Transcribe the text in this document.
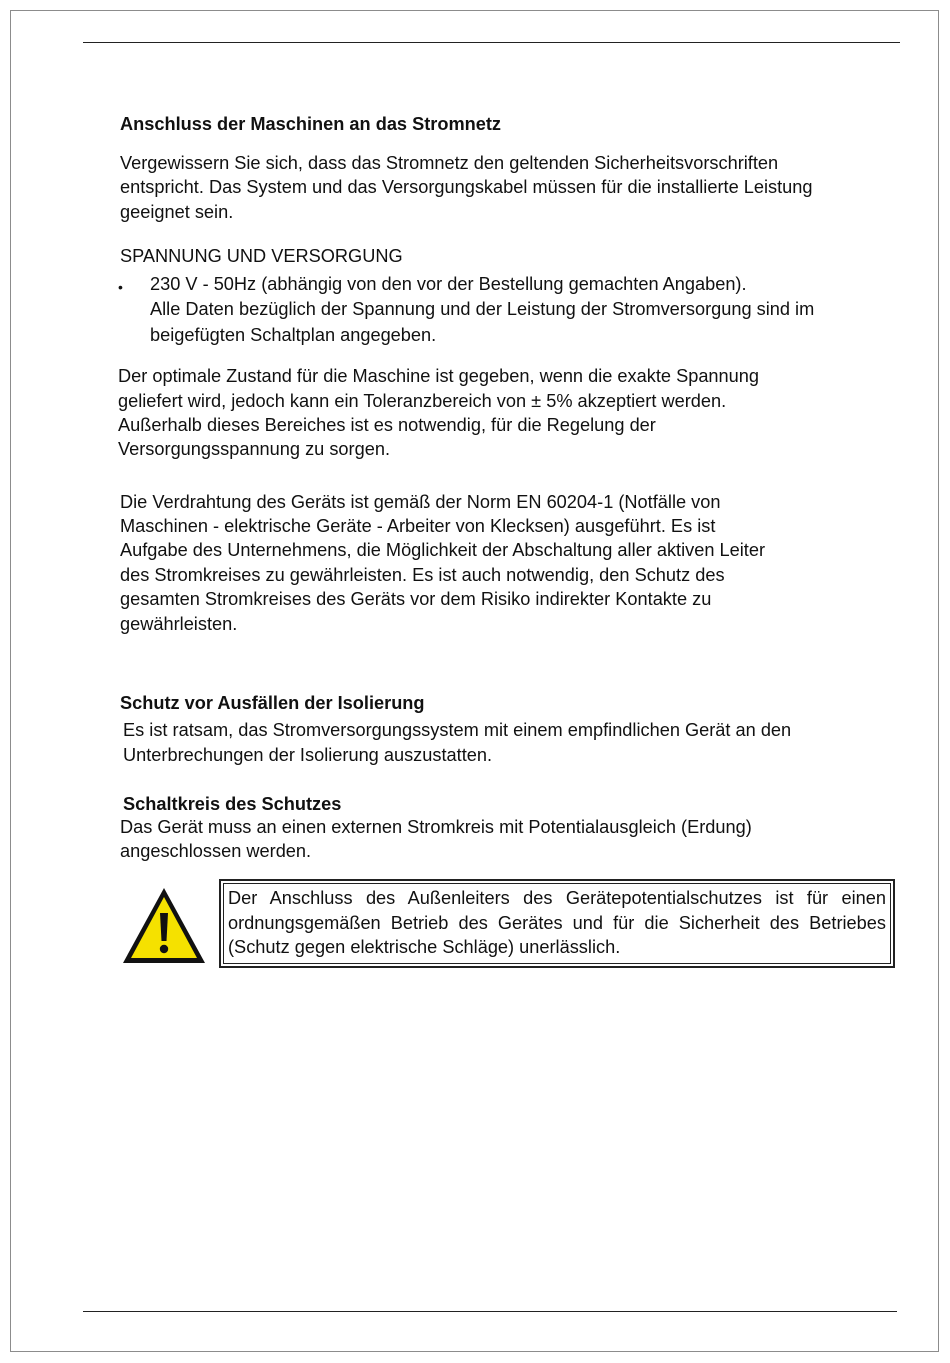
Anschluss der Maschinen an das Stromnetz

Vergewissern Sie sich, dass das Stromnetz den geltenden Sicherheitsvorschriften

entspricht. Das System und das Versorgungskabel müssen für die installierte Leistung

geeignet sein.

SPANNUNG UND VERSORGUNG

• 230 V - 50Hz (abhängig von den vor der Bestellung gemachten Angaben).

Alle Daten bezüglich der Spannung und der Leistung der Stromversorgung sind im

beigefügten Schaltplan angegeben.

Der optimale Zustand für die Maschine ist gegeben, wenn die exakte Spannung

geliefert wird, jedoch kann ein Toleranzbereich von ± 5% akzeptiert werden.

Außerhalb dieses Bereiches ist es notwendig, für die Regelung der

Versorgungsspannung zu sorgen.

Die Verdrahtung des Geräts ist gemäß der Norm EN 60204-1 (Notfälle von

Maschinen - elektrische Geräte - Arbeiter von Klecksen) ausgeführt. Es ist

Aufgabe des Unternehmens, die Möglichkeit der Abschaltung aller aktiven Leiter

des Stromkreises zu gewährleisten. Es ist auch notwendig, den Schutz des

gesamten Stromkreises des Geräts vor dem Risiko indirekter Kontakte zu

gewährleisten.

Schutz vor Ausfällen der Isolierung

Es ist ratsam, das Stromversorgungssystem mit einem empfindlichen Gerät an den

Unterbrechungen der Isolierung auszustatten.

Schaltkreis des Schutzes

Das Gerät muss an einen externen Stromkreis mit Potentialausgleich (Erdung)

angeschlossen werden.

Der Anschluss des Außenleiters des Gerätepotentialschutzes ist für einen ordnungsgemäßen Betrieb des Gerätes und für die Sicherheit des Betriebes (Schutz gegen elektrische Schläge) unerlässlich.
